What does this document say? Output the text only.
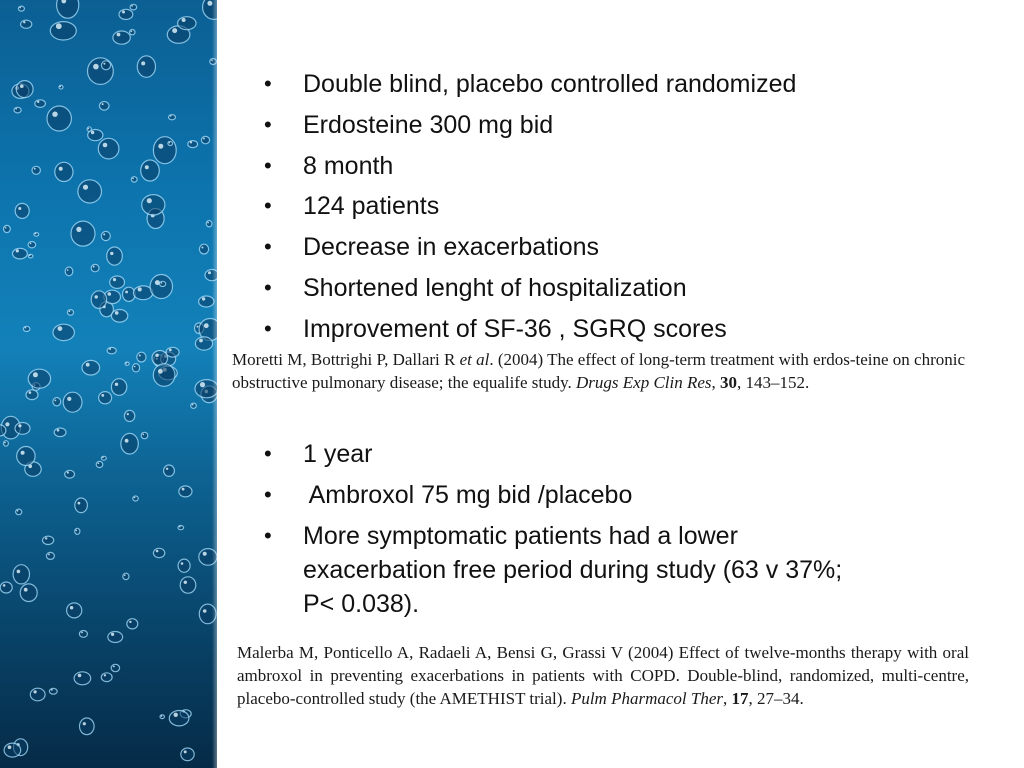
• Double blind, placebo controlled randomized
• Erdosteine 300 mg bid
• 8 month
• 124 patients
• Decrease in exacerbations
• Shortened lenght of hospitalization
• Improvement of SF-36 , SGRQ scores
Moretti M, Bottrighi P, Dallari R et al. (2004) The effect of long-term treatment with erdos-teine on chronic obstructive pulmonary disease; the equalife study. Drugs Exp Clin Res, 30, 143–152.
• 1 year
• Ambroxol 75 mg bid /placebo
• More symptomatic patients had a lower exacerbation free period during study (63 v 37%; P< 0.038).
Malerba M, Ponticello A, Radaeli A, Bensi G, Grassi V (2004) Effect of twelve-months therapy with oral ambroxol in preventing exacerbations in patients with COPD. Double-blind, randomized, multi-centre, placebo-controlled study (the AMETHIST trial). Pulm Pharmacol Ther, 17, 27–34.
